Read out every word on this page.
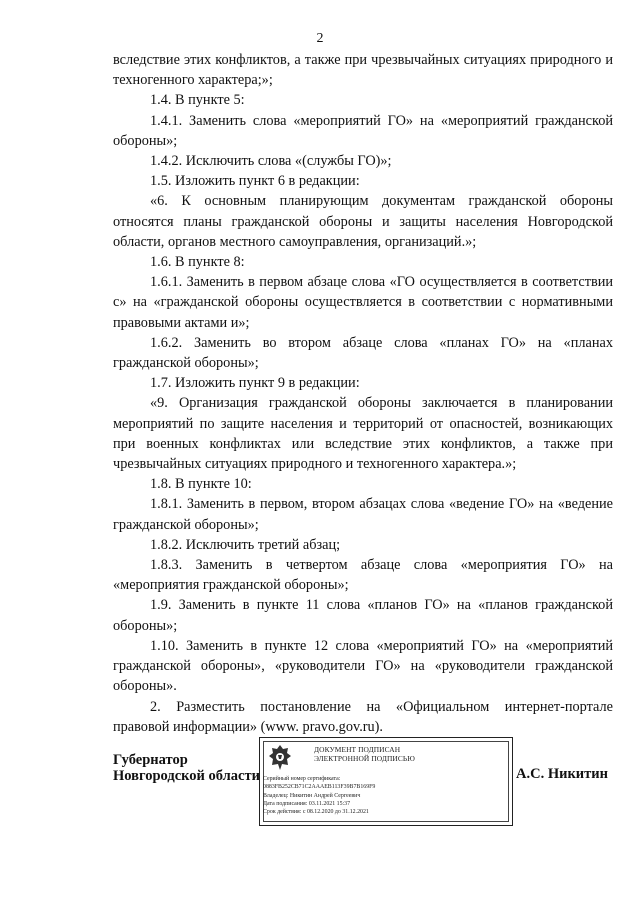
2

вследствие этих конфликтов, а также при чрезвычайных ситуациях природного и техногенного характера;»;

1.4. В пункте 5:

1.4.1. Заменить слова «мероприятий ГО» на «мероприятий гражданской обороны»;

1.4.2. Исключить слова «(службы ГО)»;

1.5. Изложить пункт 6 в редакции:

«6. К основным планирующим документам гражданской обороны относятся планы гражданской обороны и защиты населения Новгородской области, органов местного самоуправления, организаций.»;

1.6. В пункте 8:

1.6.1. Заменить в первом абзаце слова «ГО осуществляется в соответствии с» на «гражданской обороны осуществляется в соответствии с нормативными правовыми актами и»;

1.6.2. Заменить во втором абзаце слова «планах ГО» на «планах гражданской обороны»;

1.7. Изложить пункт 9 в редакции:

«9. Организация гражданской обороны заключается в планировании мероприятий по защите населения и территорий от опасностей, возникающих при военных конфликтах или вследствие этих конфликтов, а также при чрезвычайных ситуациях природного и техногенного характера.»;

1.8. В пункте 10:

1.8.1. Заменить в первом, втором абзацах слова «ведение ГО» на «ведение гражданской обороны»;

1.8.2. Исключить третий абзац;

1.8.3. Заменить в четвертом абзаце слова «мероприятия ГО» на «мероприятия гражданской обороны»;

1.9. Заменить в пункте 11 слова «планов ГО» на «планов гражданской обороны»;

1.10. Заменить в пункте 12 слова «мероприятий ГО» на «мероприятий гражданской обороны», «руководители ГО» на «руководители гражданской обороны».

2. Разместить постановление на «Официальном интернет-портале правовой информации» (www. pravo.gov.ru).

Губернатор
Новгородской области
ДОКУМЕНТ ПОДПИСАН
ЭЛЕКТРОННОЙ ПОДПИСЬЮ
Серийный номер сертификата:
0883FB252CB71C2AAAEB113F39B7B169F9
Владелец: Никитин Андрей Сергеевич
Дата подписания: 03.11.2021 15:37
Срок действия: с 08.12.2020 до 31.12.2021
А.С. Никитин
